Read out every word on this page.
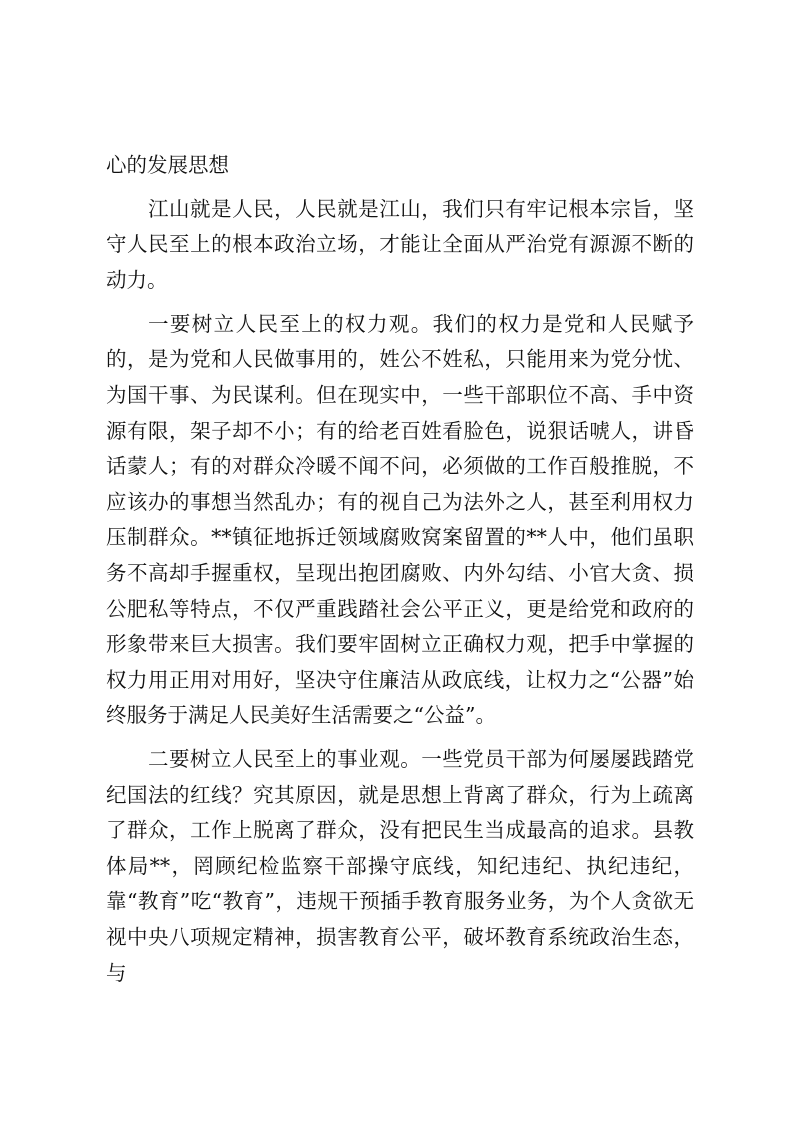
心的发展思想

江山就是人民，人民就是江山，我们只有牢记根本宗旨，坚守人民至上的根本政治立场，才能让全面从严治党有源源不断的动力。

一要树立人民至上的权力观。我们的权力是党和人民赋予的，是为党和人民做事用的，姓公不姓私，只能用来为党分忧、为国干事、为民谋利。但在现实中，一些干部职位不高、手中资源有限，架子却不小；有的给老百姓看脸色，说狠话唬人，讲昏话蒙人；有的对群众冷暖不闻不问，必须做的工作百般推脱，不应该办的事想当然乱办；有的视自己为法外之人，甚至利用权力压制群众。**镇征地拆迁领域腐败窝案留置的**人中，他们虽职务不高却手握重权，呈现出抱团腐败、内外勾结、小官大贪、损公肥私等特点，不仅严重践踏社会公平正义，更是给党和政府的形象带来巨大损害。我们要牢固树立正确权力观，把手中掌握的权力用正用对用好，坚决守住廉洁从政底线，让权力之“公器”始终服务于满足人民美好生活需要之“公益”。

二要树立人民至上的事业观。一些党员干部为何屡屡践踏党纪国法的红线？究其原因，就是思想上背离了群众，行为上疏离了群众，工作上脱离了群众，没有把民生当成最高的追求。县教体局**，罔顾纪检监察干部操守底线，知纪违纪、执纪违纪，靠“教育”吃“教育”，违规干预插手教育服务业务，为个人贪欲无视中央八项规定精神，损害教育公平，破坏教育系统政治生态，与
